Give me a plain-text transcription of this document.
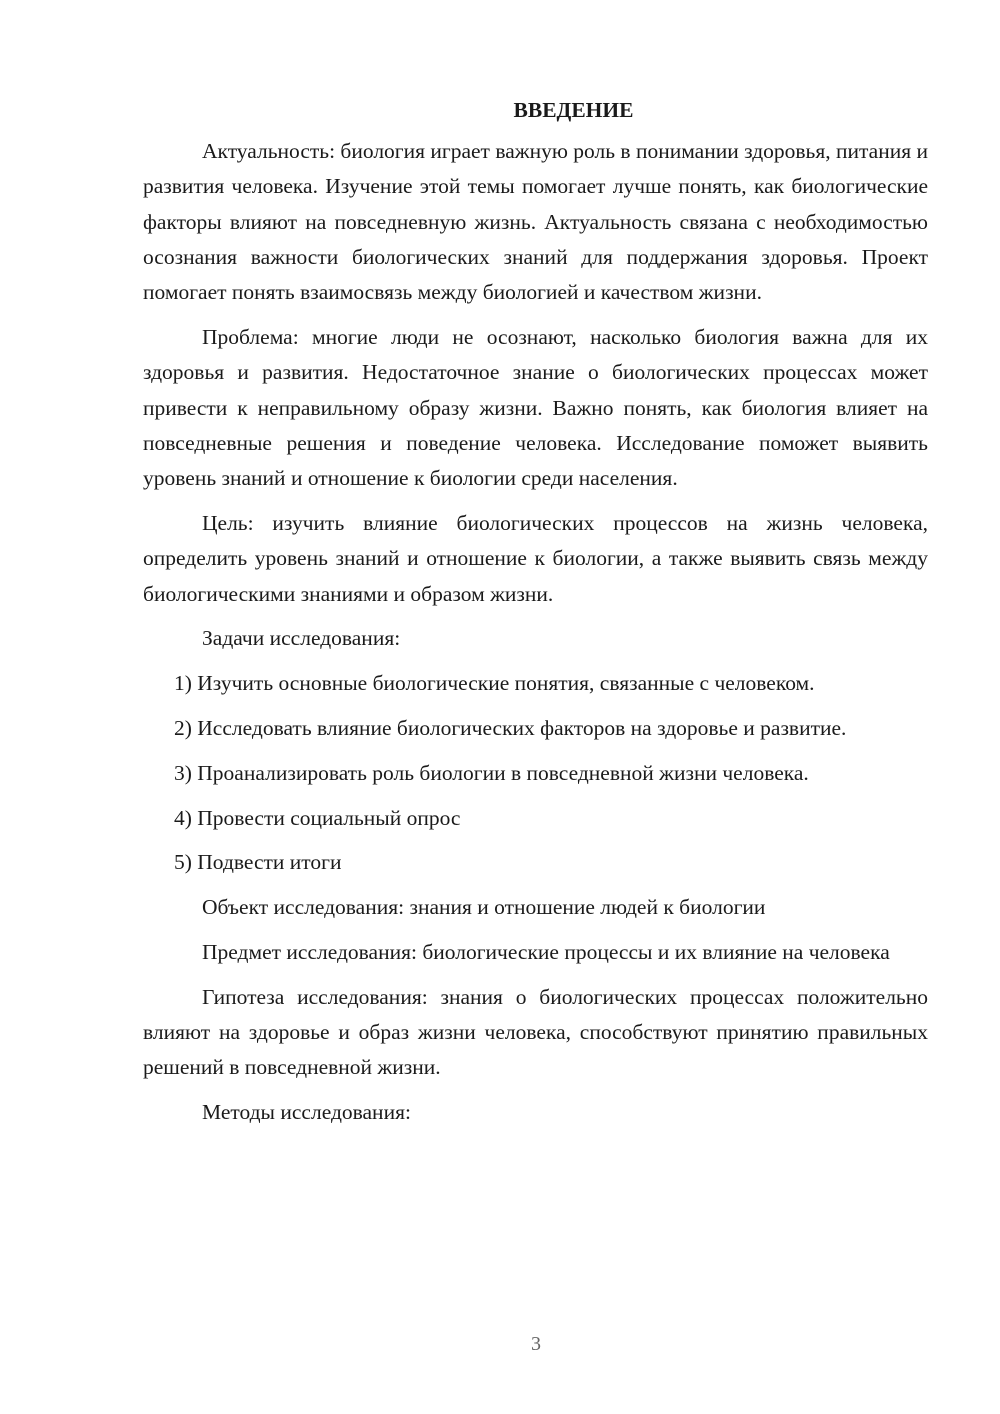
ВВЕДЕНИЕ
Актуальность: биология играет важную роль в понимании здоровья, питания и развития человека. Изучение этой темы помогает лучше понять, как биологические факторы влияют на повседневную жизнь. Актуальность связана с необходимостью осознания важности биологических знаний для поддержания здоровья. Проект помогает понять взаимосвязь между биологией и качеством жизни.
Проблема: многие люди не осознают, насколько биология важна для их здоровья и развития. Недостаточное знание о биологических процессах может привести к неправильному образу жизни. Важно понять, как биология влияет на повседневные решения и поведение человека. Исследование поможет выявить уровень знаний и отношение к биологии среди населения.
Цель: изучить влияние биологических процессов на жизнь человека, определить уровень знаний и отношение к биологии, а также выявить связь между биологическими знаниями и образом жизни.
Задачи исследования:
1) Изучить основные биологические понятия, связанные с человеком.
2) Исследовать влияние биологических факторов на здоровье и развитие.
3) Проанализировать роль биологии в повседневной жизни человека.
4) Провести социальный опрос
5) Подвести итоги
Объект исследования: знания и отношение людей к биологии
Предмет исследования: биологические процессы и их влияние на человека
Гипотеза исследования: знания о биологических процессах положительно влияют на здоровье и образ жизни человека, способствуют принятию правильных решений в повседневной жизни.
Методы исследования:
3
